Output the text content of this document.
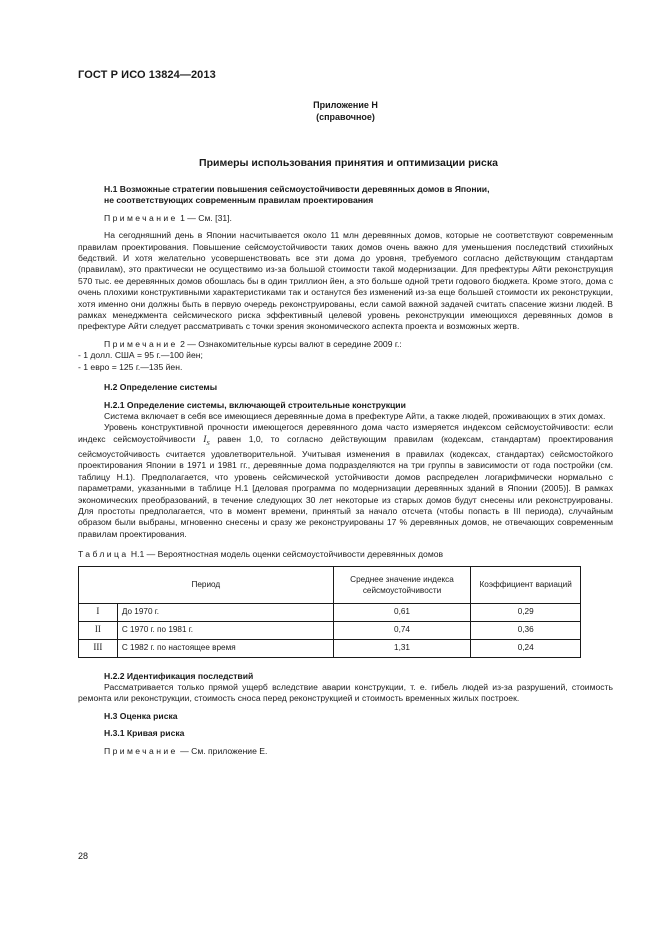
ГОСТ Р ИСО 13824—2013
Приложение Н
(справочное)
Примеры использования принятия и оптимизации риска

Н.1 Возможные стратегии повышения сейсмоустойчивости деревянных домов в Японии,

не соответствующих современным правилам проектирования

Примечание 1 — См. [31].

На сегодняшний день в Японии насчитывается около 11 млн деревянных домов, которые не соответствуют современным правилам проектирования. Повышение сейсмоустойчивости таких домов очень важно для уменьшения последствий стихийных бедствий. И хотя желательно усовершенствовать все эти дома до уровня, требуемого согласно действующим стандартам (правилам), это практически не осуществимо из-за большой стоимости такой модернизации. Для префектуры Айти реконструкция 570 тыс. ее деревянных домов обошлась бы в один триллион йен, а это больше одной трети годового бюджета. Кроме этого, дома с очень плохими конструктивными характеристиками так и останутся без изменений из-за еще большей стоимости их реконструкции, хотя именно они должны быть в первую очередь реконструированы, если самой важной задачей считать спасение жизни людей. В рамках менеджмента сейсмического риска эффективный целевой уровень реконструкции имеющихся деревянных домов в префектуре Айти следует рассматривать с точки зрения экономического аспекта проекта и возможных жертв.

Примечание 2 — Ознакомительные курсы валют в середине 2009 г.:

- 1 долл. США = 95 г.—100 йен;

- 1 евро = 125 г.—135 йен.

Н.2 Определение системы

Н.2.1 Определение системы, включающей строительные конструкции

Система включает в себя все имеющиеся деревянные дома в префектуре Айти, а также людей, проживающих в этих домах.

Уровень конструктивной прочности имеющегося деревянного дома часто измеряется индексом сейсмоустойчивости: если индекс сейсмоустойчивости $I_S$ равен 1,0, то согласно действующим правилам (кодексам, стандартам) проектирования сейсмоустойчивость считается удовлетворительной. Учитывая изменения в правилах (кодексах, стандартах) сейсмостойкого проектирования Японии в 1971 и 1981 гг., деревянные дома подразделяются на три группы в зависимости от года постройки (см. таблицу Н.1). Предполагается, что уровень сейсмической устойчивости домов распределен логарифмически нормально с параметрами, указанными в таблице Н.1 [деловая программа по модернизации деревянных зданий в Японии (2005)]. В рамках экономических преобразований, в течение следующих 30 лет некоторые из старых домов будут снесены или реконструированы. Для простоты предполагается, что в момент времени, принятый за начало отсчета (чтобы попасть в III периода), случайным образом были выбраны, мгновенно снесены и сразу же реконструированы 17 % деревянных домов, не отвечающих современным правилам проектирования.

Таблица Н.1 — Вероятностная модель оценки сейсмоустойчивости деревянных домов

Период		Среднее значение индекса сейсмоустойчивости	Коэффициент вариаций
I	До 1970 г.	0,61	0,29
II	С 1970 г. по 1981 г.	0,74	0,36
III	С 1982 г. по настоящее время	1,31	0,24

Н.2.2 Идентификация последствий

Рассматривается только прямой ущерб вследствие аварии конструкции, т. е. гибель людей из-за разрушений, стоимость ремонта или реконструкции, стоимость сноса перед реконструкцией и стоимость временных жилых построек.

Н.3 Оценка риска

Н.3.1 Кривая риска

Примечание — См. приложение Е.

28
